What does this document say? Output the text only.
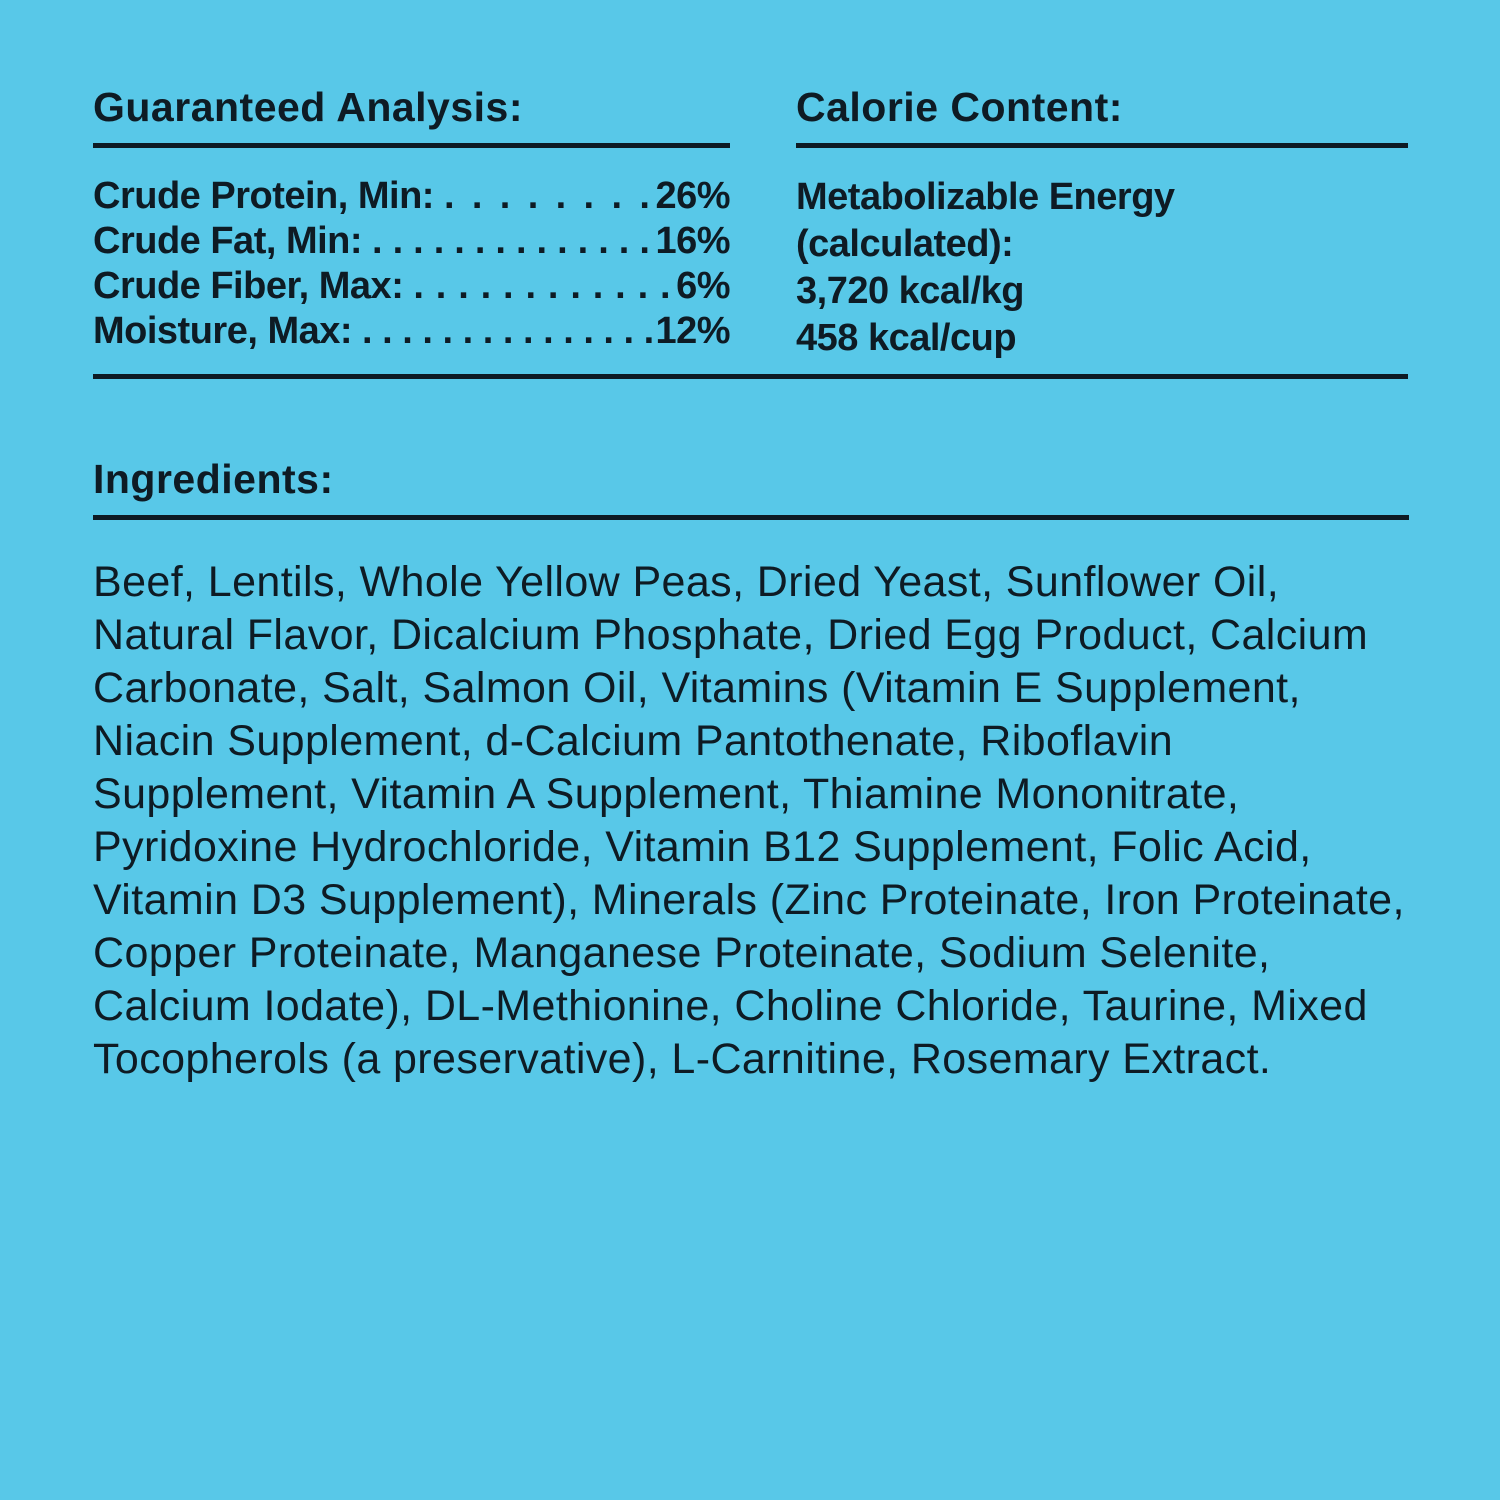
Guaranteed Analysis:
Crude Protein, Min: . . . . . . . . 26%
Crude Fat, Min: . . . . . . . . . . . . . . 16%
Crude Fiber, Max: . . . . . . . . . . . . 6%
Moisture, Max: . . . . . . . . . . . . . . . 12%
Calorie Content:
Metabolizable Energy
(calculated):
3,720 kcal/kg
458 kcal/cup
Ingredients:

Beef, Lentils, Whole Yellow Peas, Dried Yeast, Sunflower Oil, Natural Flavor, Dicalcium Phosphate, Dried Egg Product, Calcium Carbonate, Salt, Salmon Oil, Vitamins (Vitamin E Supplement, Niacin Supplement, d-Calcium Pantothenate, Riboflavin Supplement, Vitamin A Supplement, Thiamine Mononitrate, Pyridoxine Hydrochloride, Vitamin B12 Supplement, Folic Acid, Vitamin D3 Supplement), Minerals (Zinc Proteinate, Iron Proteinate, Copper Proteinate, Manganese Proteinate, Sodium Selenite, Calcium Iodate), DL-Methionine, Choline Chloride, Taurine, Mixed Tocopherols (a preservative), L-Carnitine, Rosemary Extract.
